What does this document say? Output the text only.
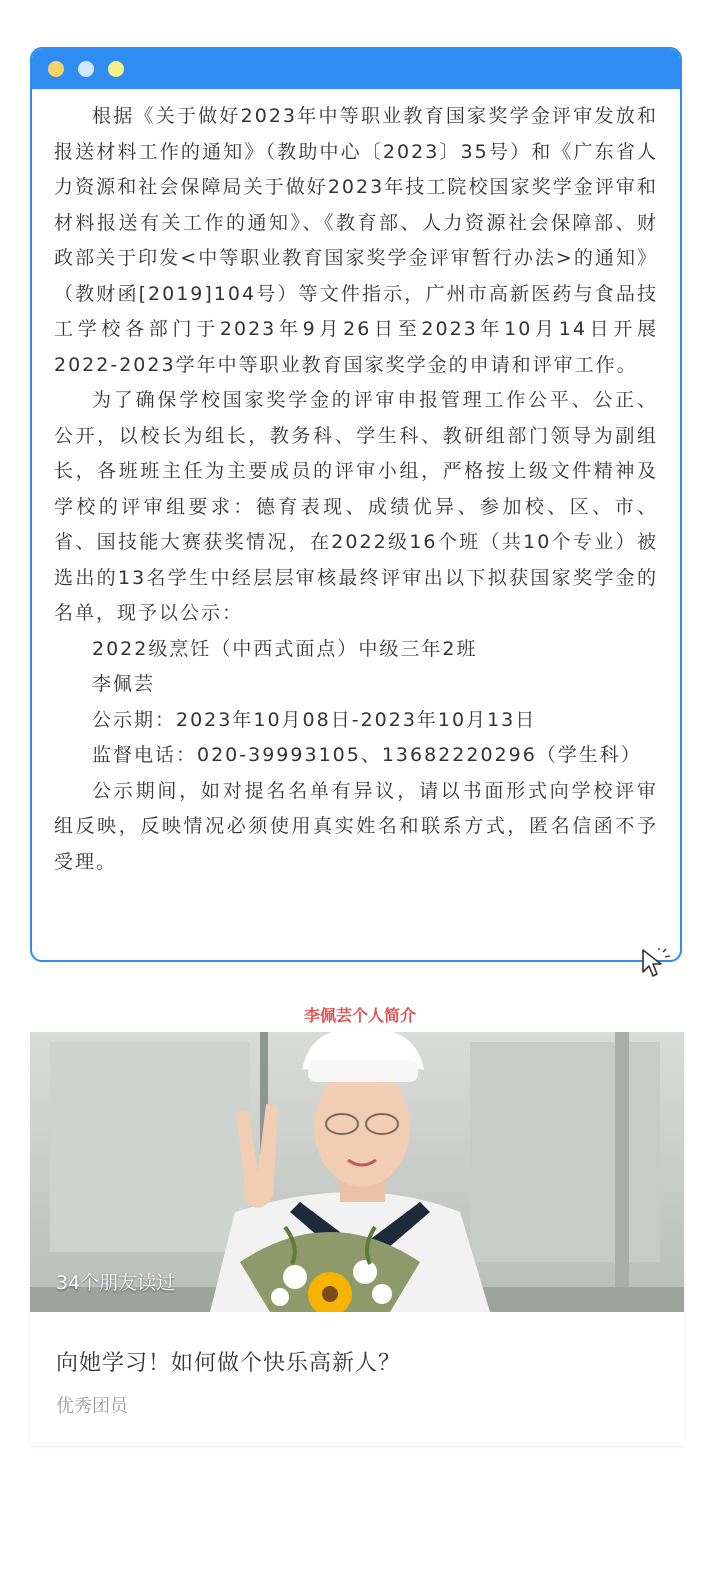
根据《关于做好2023年中等职业教育国家奖学金评审发放和报送材料工作的通知》（教助中心〔2023〕35号）和《广东省人力资源和社会保障局关于做好2023年技工院校国家奖学金评审和材料报送有关工作的通知》、《教育部、人力资源社会保障部、财政部关于印发<中等职业教育国家奖学金评审暂行办法>的通知》（教财函[2019]104号）等文件指示，广州市高新医药与食品技工学校各部门于2023年9月26日至2023年10月14日开展2022-2023学年中等职业教育国家奖学金的申请和评审工作。

为了确保学校国家奖学金的评审申报管理工作公平、公正、公开，以校长为组长，教务科、学生科、教研组部门领导为副组长，各班班主任为主要成员的评审小组，严格按上级文件精神及学校的评审组要求：德育表现、成绩优异、参加校、区、市、省、国技能大赛获奖情况，在2022级16个班（共10个专业）被选出的13名学生中经层层审核最终评审出以下拟获国家奖学金的名单，现予以公示：

2022级烹饪（中西式面点）中级三年2班

李佩芸

公示期：2023年10月08日-2023年10月13日

监督电话：020-39993105、13682220296（学生科）

公示期间，如对提名名单有异议，请以书面形式向学校评审组反映，反映情况必须使用真实姓名和联系方式，匿名信函不予受理。

李佩芸个人简介
34个朋友读过
向她学习！如何做个快乐高新人？
优秀团员
